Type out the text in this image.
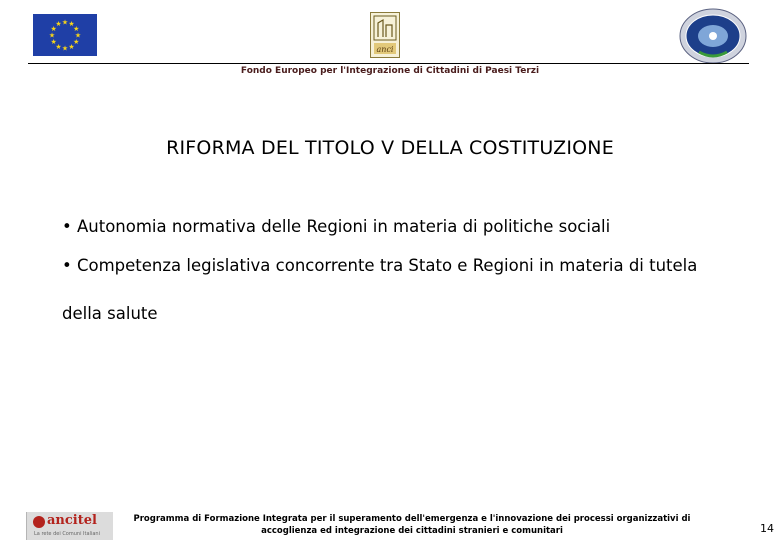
★ ★
★
★
★
★
★
★
★
★
★
★
anci
Fondo Europeo per l'Integrazione di Cittadini di Paesi Terzi
RIFORMA DEL TITOLO V DELLA COSTITUZIONE

• Autonomia normativa delle Regioni in materia di politiche sociali

• Competenza legislativa concorrente tra Stato e Regioni in materia di tutela
della salute

ancitel
La rete dei Comuni Italiani
Programma di Formazione Integrata per il superamento dell'emergenza e l'innovazione dei processi organizzativi di
accoglienza ed integrazione dei cittadini stranieri e comunitari	14
